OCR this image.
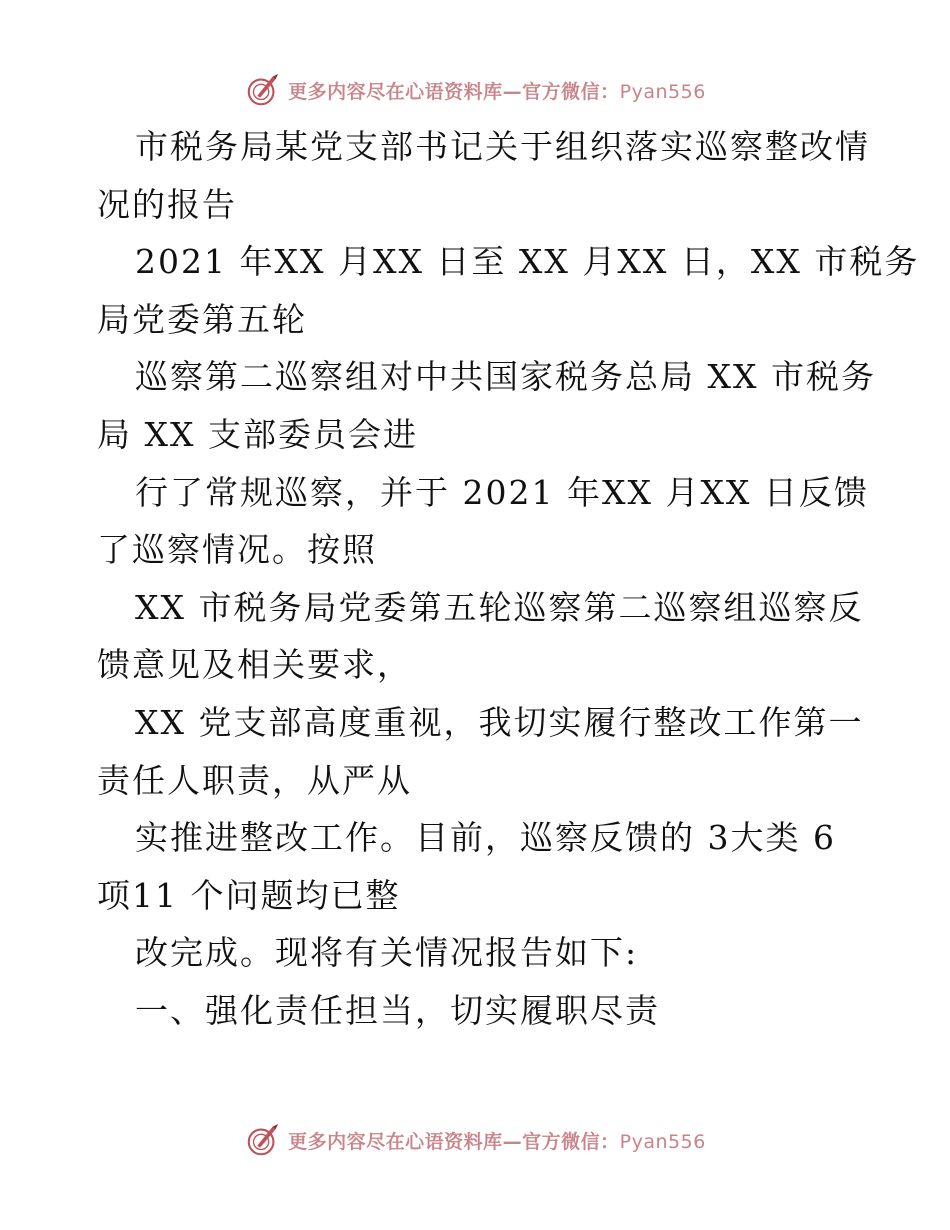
更多内容尽在心语资料库—官方微信：Pyan556
市税务局某党支部书记关于组织落实巡察整改情
况的报告
2021 年XX 月XX 日至 XX 月XX 日，XX 市税务
局党委第五轮
巡察第二巡察组对中共国家税务总局 XX 市税务
局 XX 支部委员会进
行了常规巡察，并于 2021 年XX 月XX 日反馈
了巡察情况。按照
XX 市税务局党委第五轮巡察第二巡察组巡察反
馈意见及相关要求，
XX 党支部高度重视，我切实履行整改工作第一
责任人职责，从严从
实推进整改工作。目前，巡察反馈的 3大类 6
项11 个问题均已整
改完成。现将有关情况报告如下:
一、强化责任担当，切实履职尽责
更多内容尽在心语资料库—官方微信：Pyan556
